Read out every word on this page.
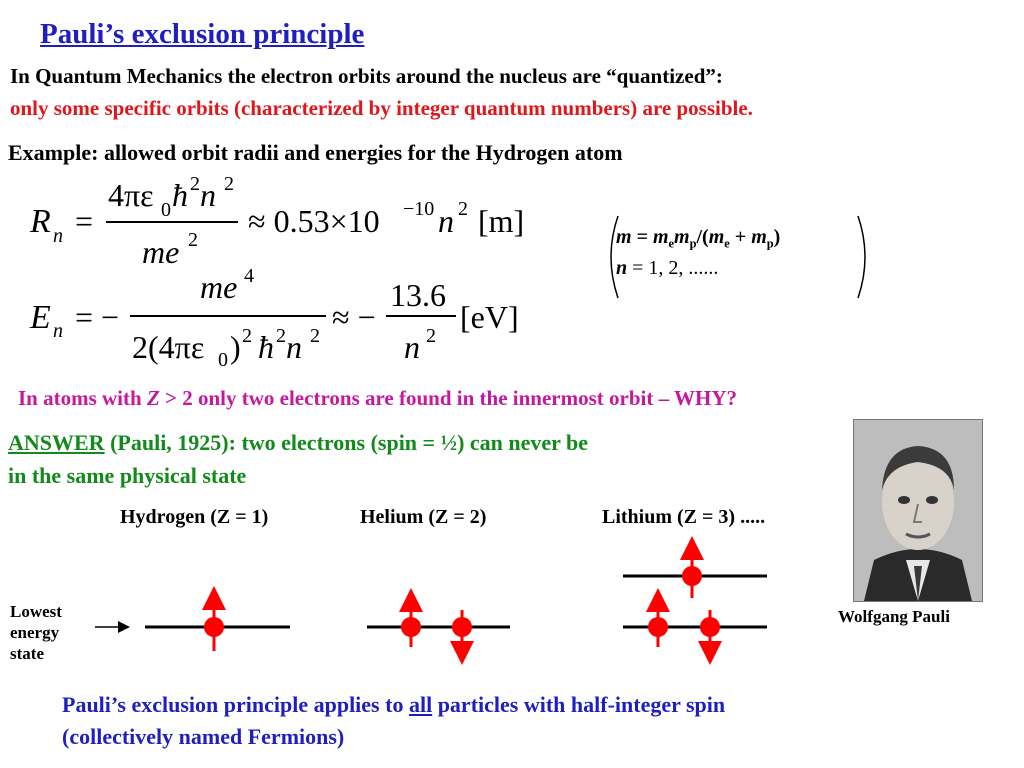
Pauli’s exclusion principle
In Quantum Mechanics the electron orbits around the nucleus are “quantized”:
only some specific orbits (characterized by integer quantum numbers) are possible.
Example: allowed orbit radii and energies for the Hydrogen atom
R n =
4πε 0 ħ 2 n 2
me 2
≈ 0.53×10 −10 n 2 [m]
E n = −
me 4
2(4πε 0 ) 2 ħ 2 n 2
≈ −
13.6
n 2
[eV]
$m = m_em_p/(m_e + m_p)$
n = 1, 2, ......
In atoms with Z > 2 only two electrons are found in the innermost orbit – WHY?
ANSWER (Pauli, 1925): two electrons (spin = ½) can never be
in the same physical state
Wolfgang Pauli
Hydrogen (Z = 1)	Helium (Z = 2)	Lithium (Z = 3) .....
Lowest energy state
Pauli’s exclusion principle applies to all particles with half-integer spin
(collectively named Fermions)
